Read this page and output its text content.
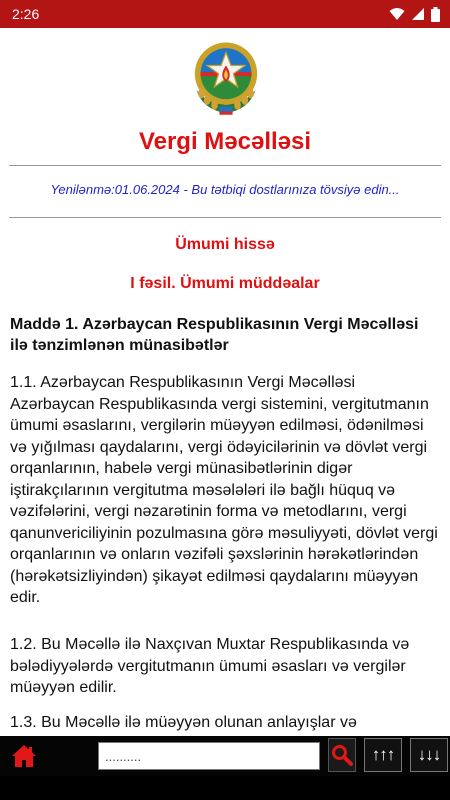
2:26
Vergi Məcəlləsi
Yenilənmə:01.06.2024 - Bu tətbiqi dostlarınıza tövsiyə edin...
Ümumi hissə
I fəsil. Ümumi müddəalar
Maddə 1. Azərbaycan Respublikasının Vergi Məcəlləsi ilə tənzimlənən münasibətlər
1.1. Azərbaycan Respublikasının Vergi Məcəlləsi Azərbaycan Respublikasında vergi sistemini, vergitutmanın ümumi əsaslarını, vergilərin müəyyən edilməsi, ödənilməsi və yığılması qaydalarını, vergi ödəyicilərinin və dövlət vergi orqanlarının, habelə vergi münasibətlərinin digər iştirakçılarının vergitutma məsələləri ilə bağlı hüquq və vəzifələrini, vergi nəzarətinin forma və metodlarını, vergi qanunvericiliyinin pozulmasına görə məsuliyyəti, dövlət vergi orqanlarının və onların vəzifəli şəxslərinin hərəkətlərindən (hərəkətsizliyindən) şikayət edilməsi qaydalarını müəyyən edir.
1.2. Bu Məcəllə ilə Naxçıvan Muxtar Respublikasında və bələdiyyələrdə vergitutmanın ümumi əsasları və vergilər müəyyən edilir.
1.3. Bu Məcəllə ilə müəyyən olunan anlayışlar və
..........
↑↑↑	↓↓↓
